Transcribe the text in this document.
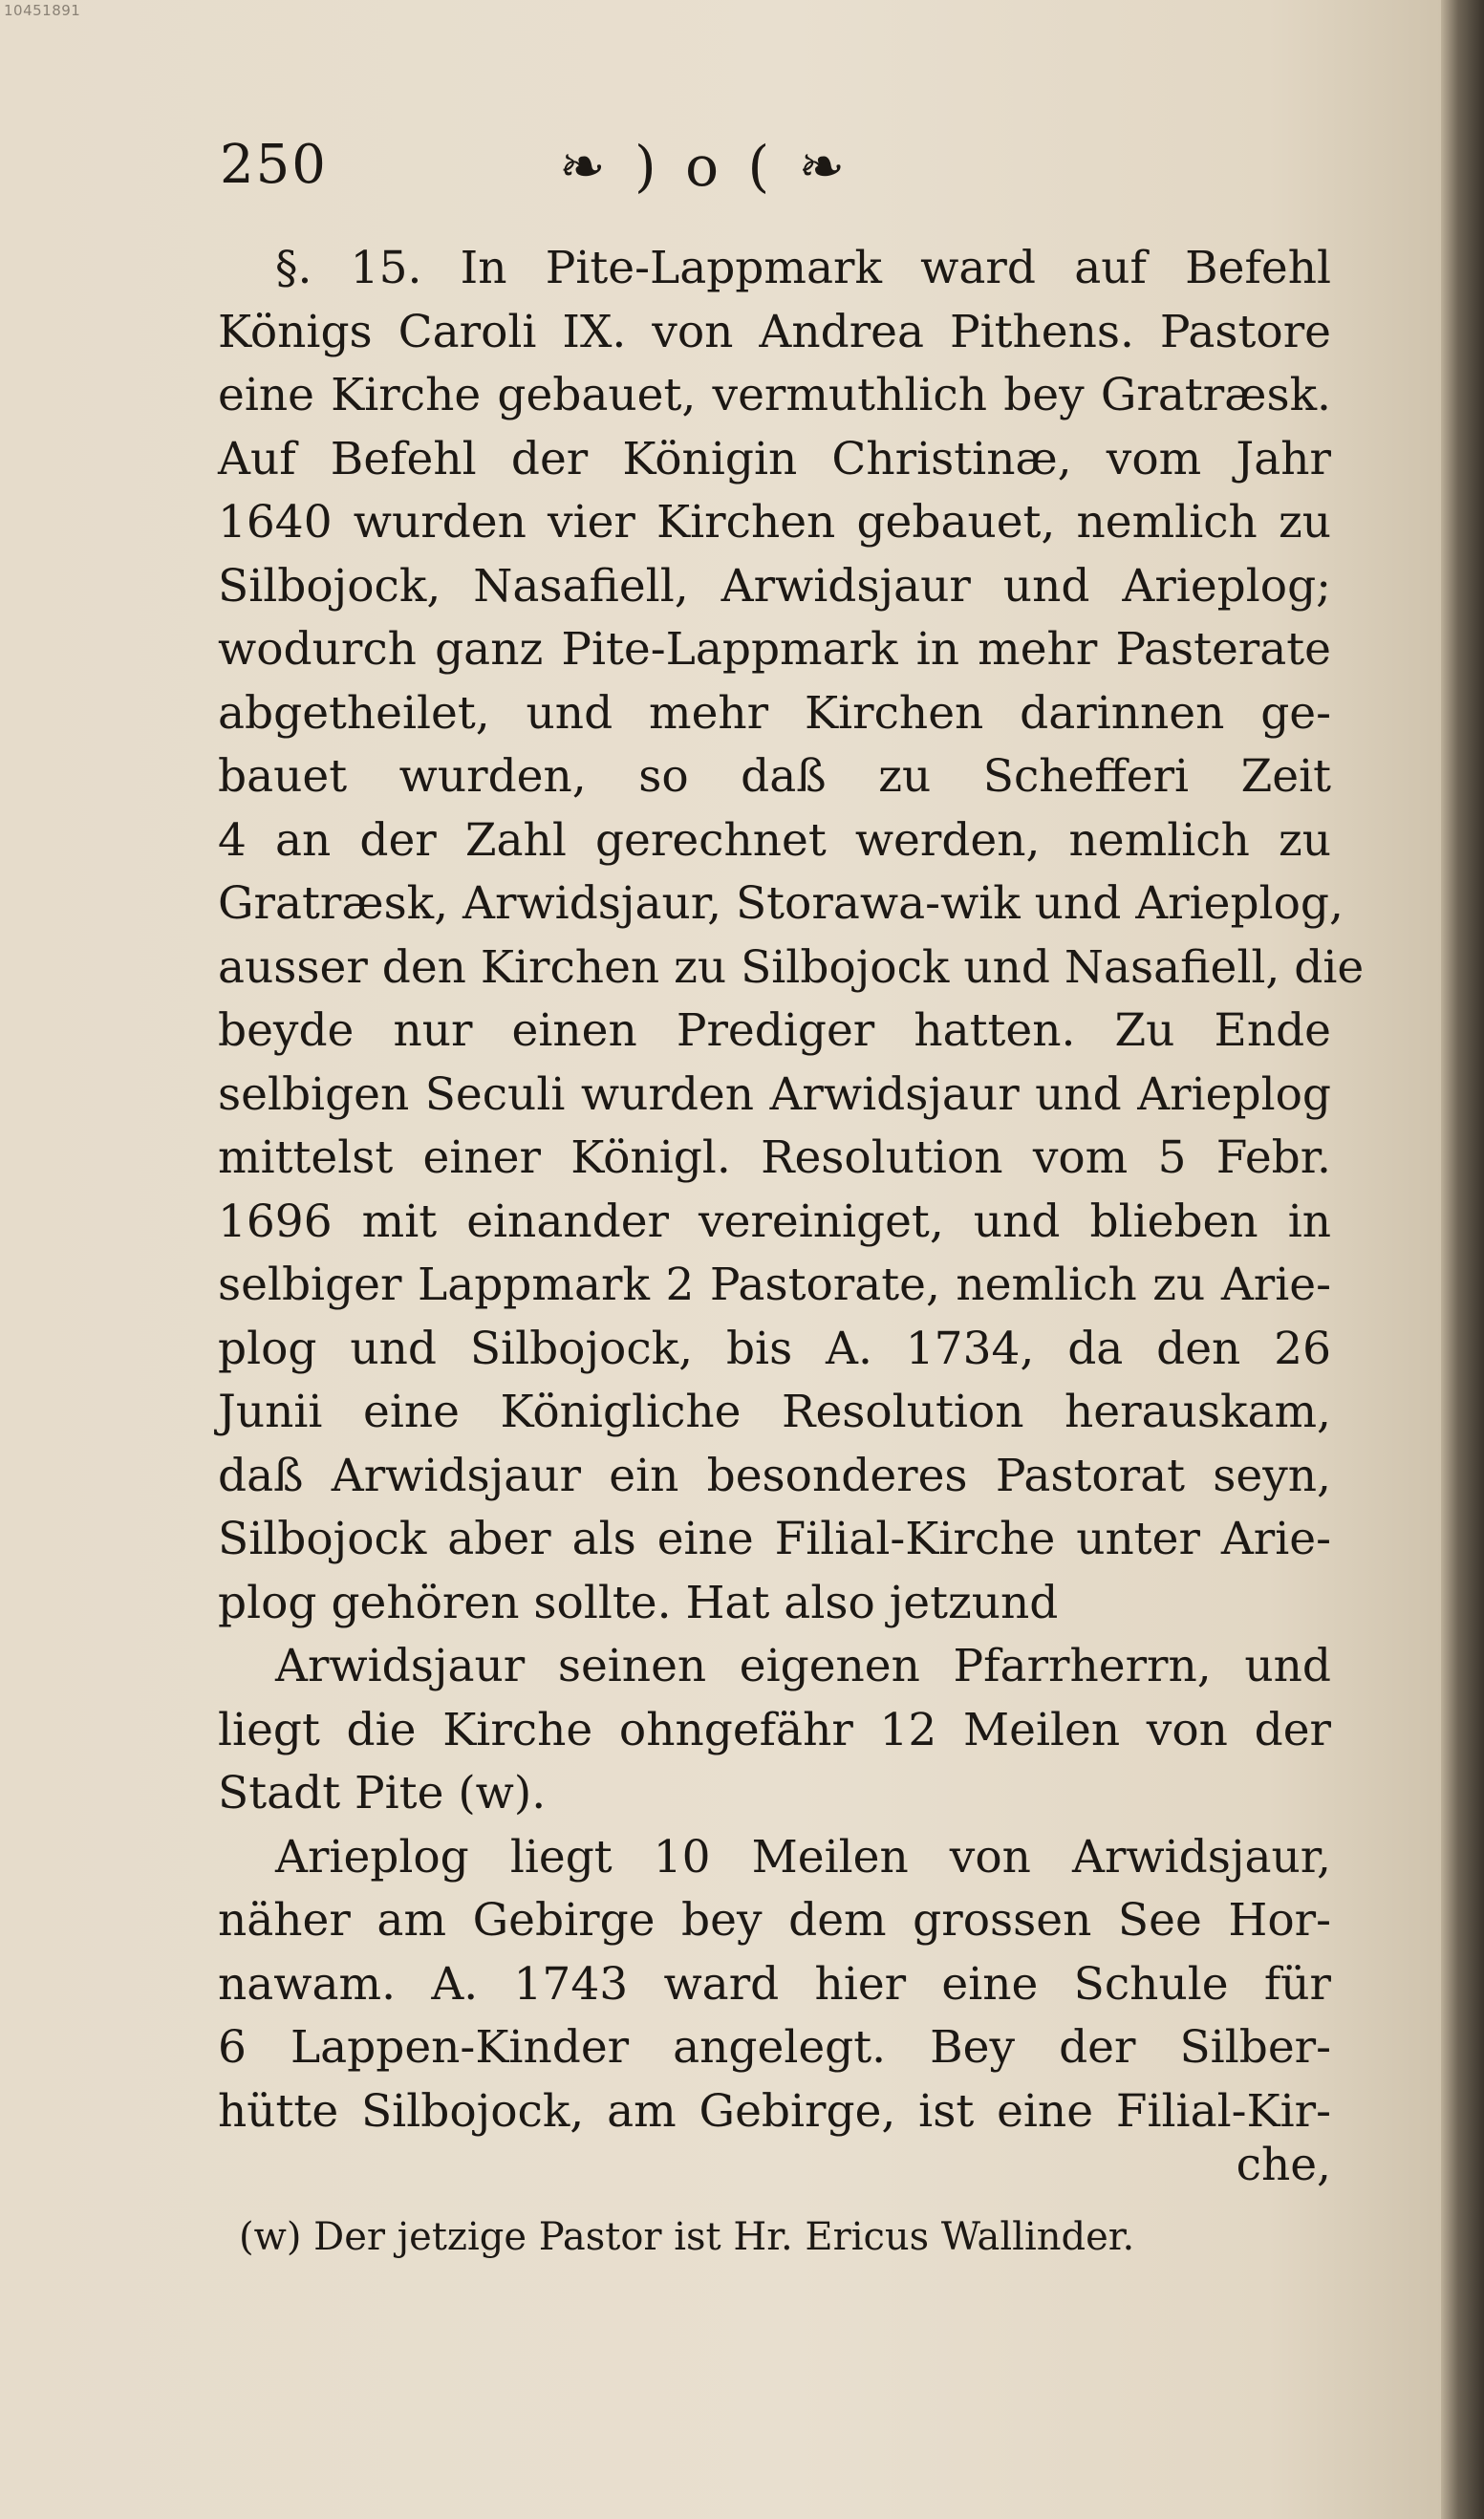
10451891
250	❧ ) o ( ❧
§. 15. In Pite-Lappmark ward auf Befehl
Königs Caroli IX. von Andrea Pithens. Pastore
eine Kirche gebauet, vermuthlich bey Gratræsk.
Auf Befehl der Königin Christinæ, vom Jahr
1640 wurden vier Kirchen gebauet, nemlich zu
Silbojock, Nasafiell, Arwidsjaur und Arieplog;
wodurch ganz Pite-Lappmark in mehr Pasterate
abgetheilet, und mehr Kirchen darinnen ge-
bauet wurden, so daß zu Schefferi Zeit
4 an der Zahl gerechnet werden, nemlich zu
Gratræsk, Arwidsjaur, Storawa-wik und Arieplog,
ausser den Kirchen zu Silbojock und Nasafiell, die
beyde nur einen Prediger hatten. Zu Ende
selbigen Seculi wurden Arwidsjaur und Arieplog
mittelst einer Königl. Resolution vom 5 Febr.
1696 mit einander vereiniget, und blieben in
selbiger Lappmark 2 Pastorate, nemlich zu Arie-
plog und Silbojock, bis A. 1734, da den 26
Junii eine Königliche Resolution herauskam,
daß Arwidsjaur ein besonderes Pastorat seyn,
Silbojock aber als eine Filial-Kirche unter Arie-
plog gehören sollte. Hat also jetzund
Arwidsjaur seinen eigenen Pfarrherrn, und
liegt die Kirche ohngefähr 12 Meilen von der
Stadt Pite (w).
Arieplog liegt 10 Meilen von Arwidsjaur,
näher am Gebirge bey dem grossen See Hor-
nawam. A. 1743 ward hier eine Schule für
6 Lappen-Kinder angelegt. Bey der Silber-
hütte Silbojock, am Gebirge, ist eine Filial-Kir-
che,
(w) Der jetzige Pastor ist Hr. Ericus Wallinder.
